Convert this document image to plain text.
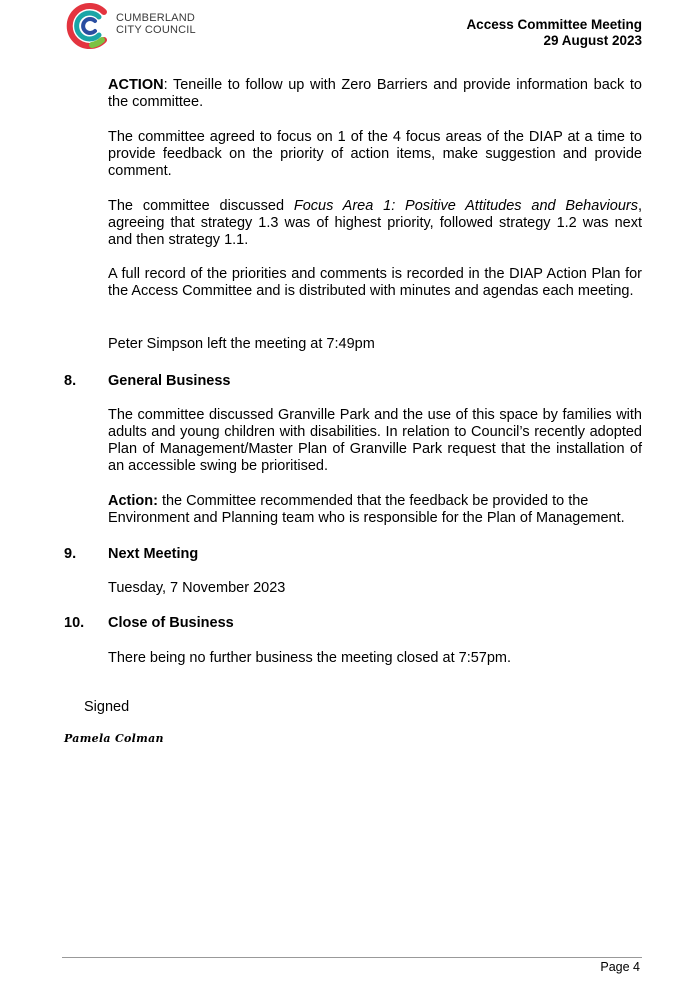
CUMBERLAND
CITY COUNCIL	Access Committee Meeting
29 August 2023

ACTION: Teneille to follow up with Zero Barriers and provide information back to the committee.

The committee agreed to focus on 1 of the 4 focus areas of the DIAP at a time to provide feedback on the priority of action items, make suggestion and provide comment.

The committee discussed Focus Area 1: Positive Attitudes and Behaviours, agreeing that strategy 1.3 was of highest priority, followed strategy 1.2 was next and then strategy 1.1.

A full record of the priorities and comments is recorded in the DIAP Action Plan for the Access Committee and is distributed with minutes and agendas each meeting.

Peter Simpson left the meeting at 7:49pm

8. General Business

The committee discussed Granville Park and the use of this space by families with adults and young children with disabilities. In relation to Council’s recently adopted Plan of Management/Master Plan of Granville Park request that the installation of an accessible swing be prioritised.

Action: the Committee recommended that the feedback be provided to the Environment and Planning team who is responsible for the Plan of Management.

9. Next Meeting

Tuesday, 7 November 2023

10. Close of Business

There being no further business the meeting closed at 7:57pm.

Signed
Pamela Colman
Page 4
